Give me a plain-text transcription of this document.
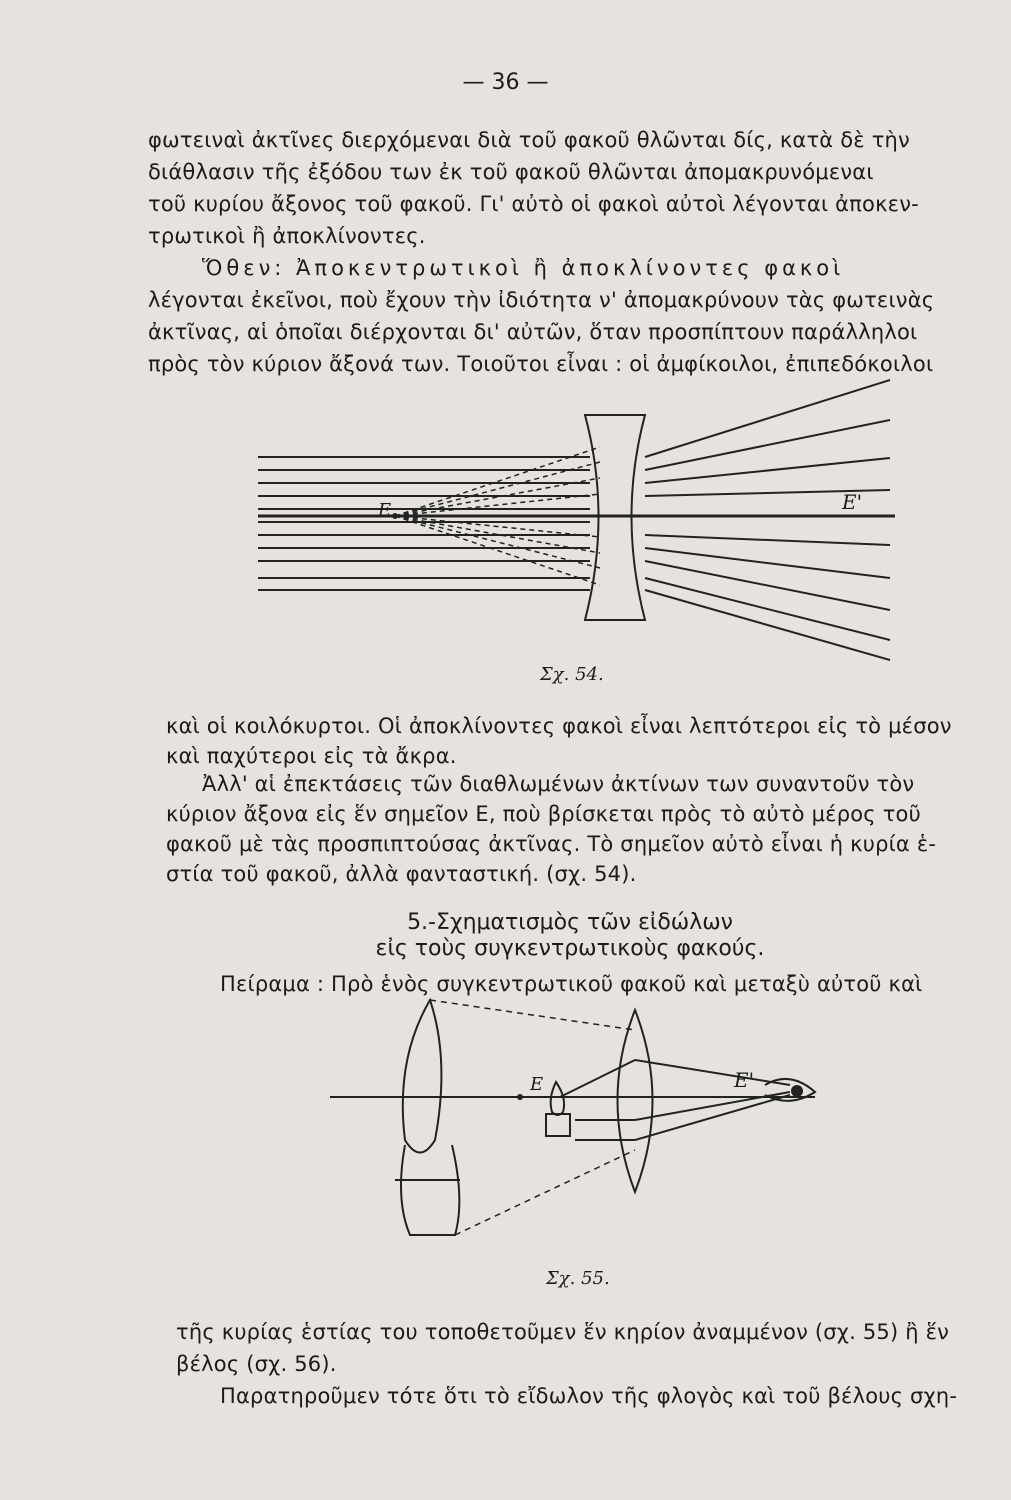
— 36 —
φωτειναὶ ἀκτῖνες διερχόμεναι διὰ τοῦ φακοῦ θλῶνται δίς, κατὰ δὲ τὴν
διάθλασιν τῆς ἐξόδου των ἐκ τοῦ φακοῦ θλῶνται ἀπομακρυνόμεναι
τοῦ κυρίου ἄξονος τοῦ φακοῦ. Γι' αὐτὸ οἱ φακοὶ αὐτοὶ λέγονται ἀποκεν-
τρωτικοὶ ἢ ἀποκλίνοντες.
Ὅθεν: Ἀποκεντρωτικοὶ ἢ ἀποκλίνοντες φακοὶ
λέγονται ἐκεῖνοι, ποὺ ἔχουν τὴν ἰδιότητα ν' ἀπομακρύνουν τὰς φωτεινὰς
ἀκτῖνας, αἱ ὁποῖαι διέρχονται δι' αὐτῶν, ὅταν προσπίπτουν παράλληλοι
πρὸς τὸν κύριον ἄξονά των. Τοιοῦτοι εἶναι : οἱ ἀμφίκοιλοι, ἐπιπεδόκοιλοι
E	E'
Σχ. 54.
καὶ οἱ κοιλόκυρτοι. Οἱ ἀποκλίνοντες φακοὶ εἶναι λεπτότεροι εἰς τὸ μέσον
καὶ παχύτεροι εἰς τὰ ἄκρα.
Ἀλλ' αἱ ἐπεκτάσεις τῶν διαθλωμένων ἀκτίνων των συναντοῦν τὸν
κύριον ἄξονα εἰς ἕν σημεῖον Ε, ποὺ βρίσκεται πρὸς τὸ αὐτὸ μέρος τοῦ
φακοῦ μὲ τὰς προσπιπτούσας ἀκτῖνας. Τὸ σημεῖον αὐτὸ εἶναι ἡ κυρία ἑ-
στία τοῦ φακοῦ, ἀλλὰ φανταστική. (σχ. 54).
5.-Σχηματισμὸς τῶν εἰδώλων
εἰς τοὺς συγκεντρωτικοὺς φακούς.
Πείραμα : Πρὸ ἑνὸς συγκεντρωτικοῦ φακοῦ καὶ μεταξὺ αὐτοῦ καὶ
E	E'
Σχ. 55.
τῆς κυρίας ἑστίας του τοποθετοῦμεν ἕν κηρίον ἀναμμένον (σχ. 55) ἢ ἕν
βέλος (σχ. 56).
Παρατηροῦμεν τότε ὅτι τὸ εἴδωλον τῆς φλογὸς καὶ τοῦ βέλους σχη-
